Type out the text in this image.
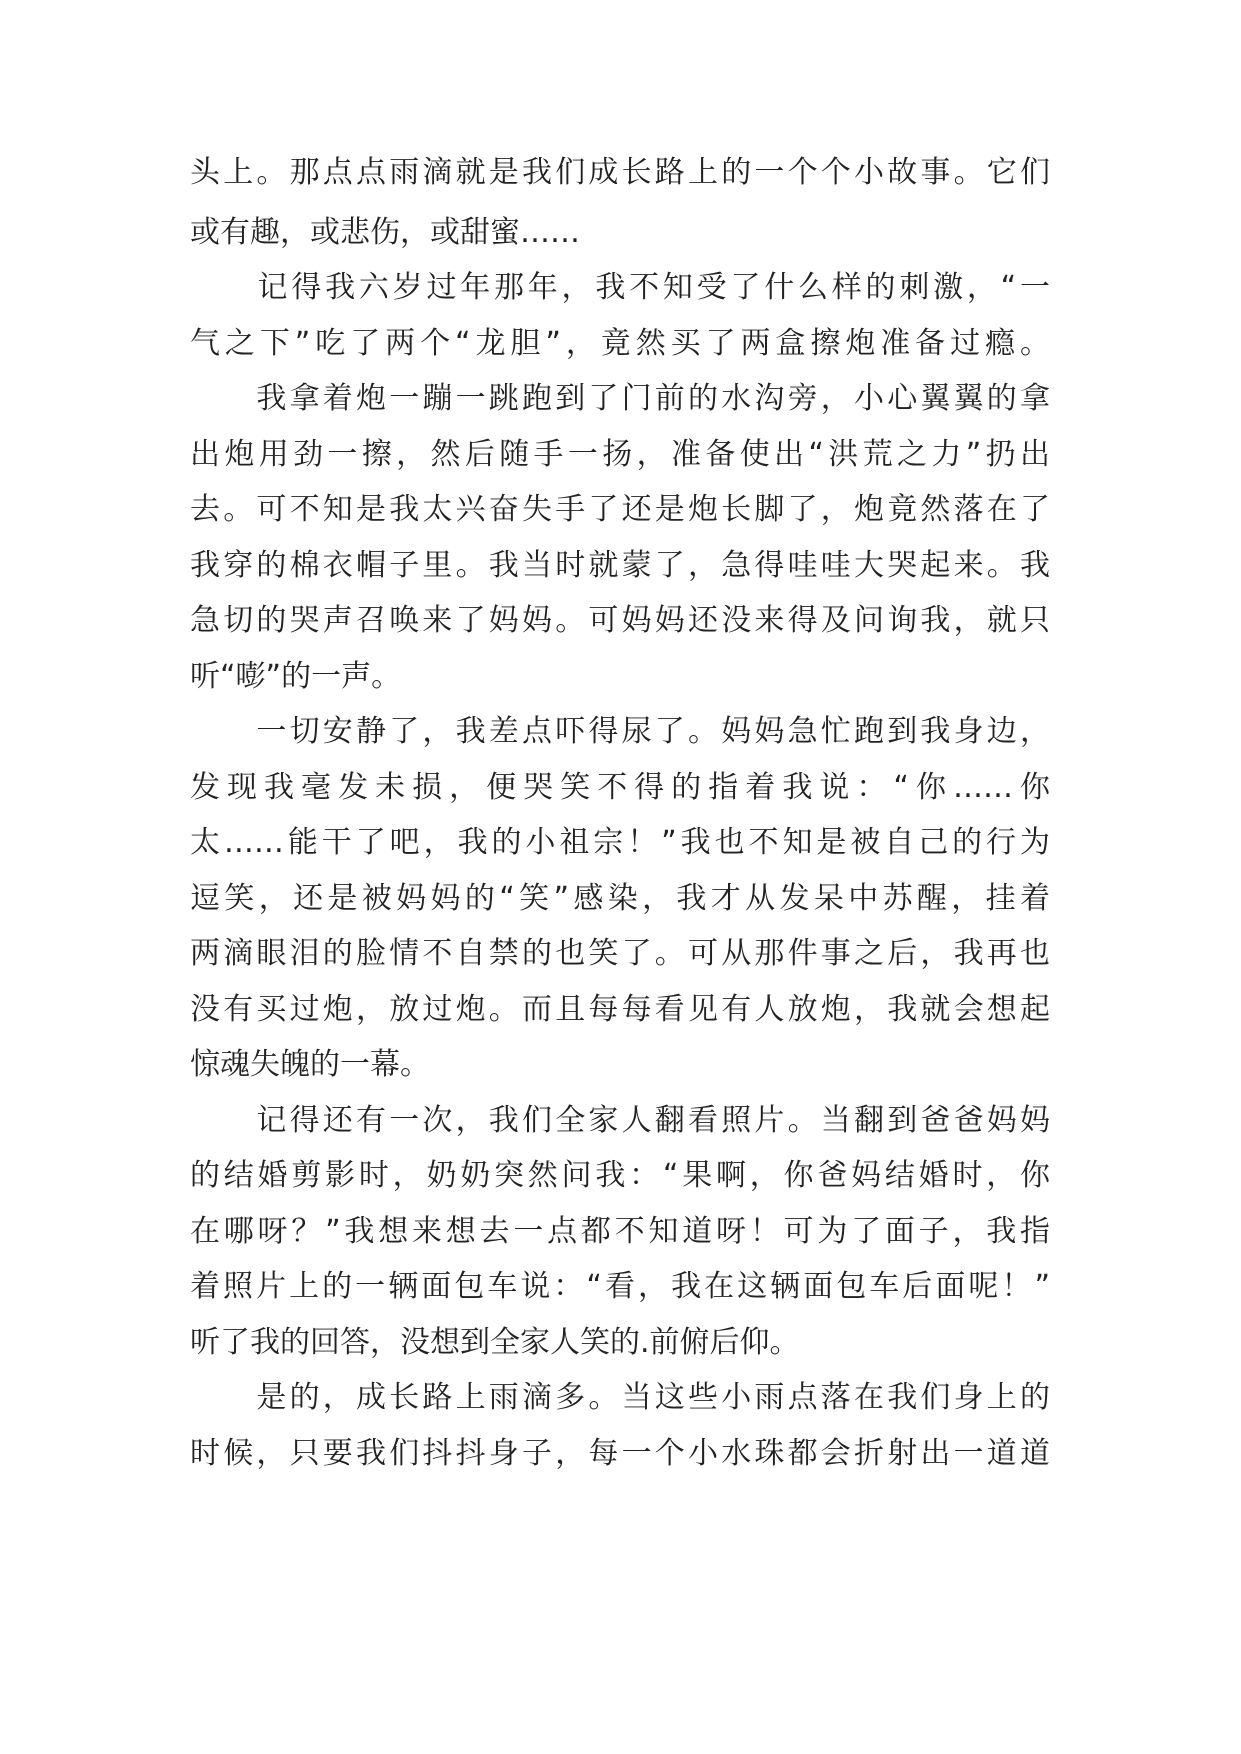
头上。那点点雨滴就是我们成长路上的一个个小故事。它们
或有趣，或悲伤，或甜蜜……
　　记得我六岁过年那年，我不知受了什么样的刺激，“一
气之下”吃了两个“龙胆”，竟然买了两盒擦炮准备过瘾。
　　我拿着炮一蹦一跳跑到了门前的水沟旁，小心翼翼的拿
出炮用劲一擦，然后随手一扬，准备使出“洪荒之力”扔出
去。可不知是我太兴奋失手了还是炮长脚了，炮竟然落在了
我穿的棉衣帽子里。我当时就蒙了，急得哇哇大哭起来。我
急切的哭声召唤来了妈妈。可妈妈还没来得及问询我，就只
听“嘭”的一声。
　　一切安静了，我差点吓得尿了。妈妈急忙跑到我身边，
发现我毫发未损，便哭笑不得的指着我说：“你……你
太……能干了吧，我的小祖宗！”我也不知是被自己的行为
逗笑，还是被妈妈的“笑”感染，我才从发呆中苏醒，挂着
两滴眼泪的脸情不自禁的也笑了。可从那件事之后，我再也
没有买过炮，放过炮。而且每每看见有人放炮，我就会想起
惊魂失魄的一幕。
　　记得还有一次，我们全家人翻看照片。当翻到爸爸妈妈
的结婚剪影时，奶奶突然问我：“果啊，你爸妈结婚时，你
在哪呀？”我想来想去一点都不知道呀！可为了面子，我指
着照片上的一辆面包车说：“看，我在这辆面包车后面呢！”
听了我的回答，没想到全家人笑的.前俯后仰。
　　是的，成长路上雨滴多。当这些小雨点落在我们身上的
时候，只要我们抖抖身子，每一个小水珠都会折射出一道道
